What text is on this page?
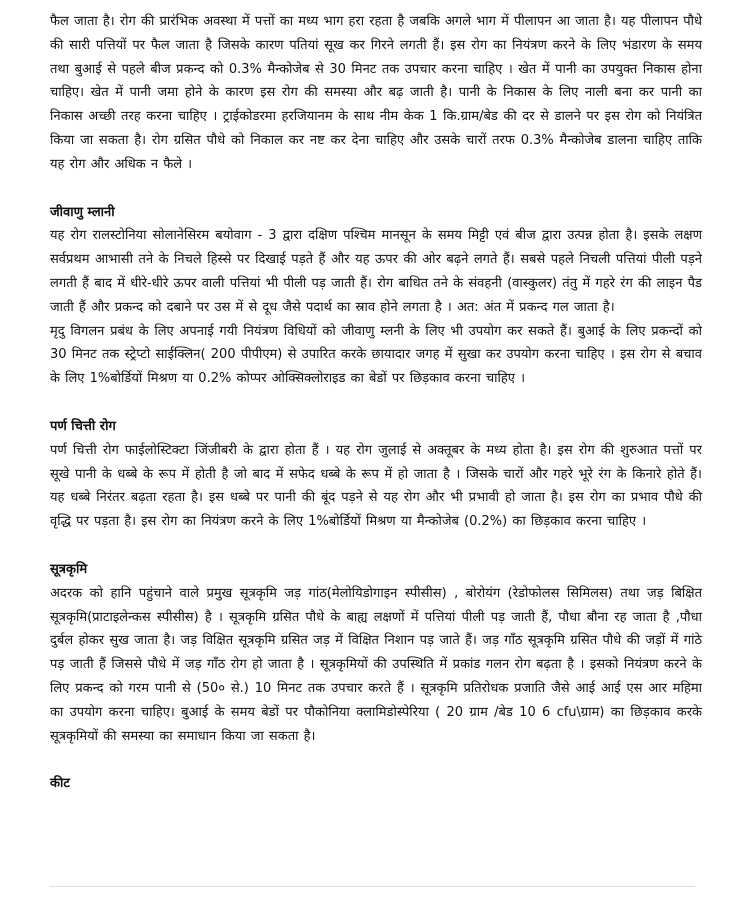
फैल जाता है। रोग की प्रारंभिक अवस्था में पत्तों का मध्य भाग हरा रहता है जबकि अगले भाग में पीलापन आ जाता है। यह पीलापन पौधे की सारी पत्तियों पर फैल जाता है जिसके कारण पतियां सूख कर गिरने लगती हैं। इस रोग का नियंत्रण करने के लिए भंडारण के समय तथा बुआई से पहले बीज प्रकन्द को 0.3% मैन्कोजेब से 30 मिनट तक उपचार करना चाहिए । खेत में पानी का उपयुक्त निकास होना चाहिए। खेत में पानी जमा होने के कारण इस रोग की समस्या और बढ़ जाती है। पानी के निकास के लिए नाली बना कर पानी का निकास अच्छी तरह करना चाहिए । ट्राईकोडरमा हरजियानम के साथ नीम केक 1 कि.ग्राम/बेड की दर से डालने पर इस रोग को नियंत्रित किया जा सकता है। रोग ग्रसित पौधे को निकाल कर नष्ट कर देना चाहिए और उसके चारों तरफ 0.3% मैन्कोजेब डालना चाहिए ताकि यह रोग और अधिक न फैले ।

जीवाणु म्लानी

यह रोग रालस्टोनिया सोलानेसिरम बयोवाग - 3 द्वारा दक्षिण पश्चिम मानसून के समय मिट्टी एवं बीज द्वारा उत्पन्न होता है। इसके लक्षण सर्वप्रथम आभासी तने के निचले हिस्से पर दिखाई पड़ते हैं और यह ऊपर की ओर बढ़ने लगते हैं। सबसे पहले निचली पत्तियां पीली पड़ने लगती हैं बाद में धीरे-धीरे ऊपर वाली पत्तियां भी पीली पड़ जाती हैं। रोग बाधित तने के संवहनी (वास्कुलर) तंतु में गहरे रंग की लाइन पैड जाती हैं और प्रकन्द को दबाने पर उस में से दूध जैसे पदार्थ का स्राव होने लगता है । अत: अंत में प्रकन्द गल जाता है।

मृदु विगलन प्रबंध के लिए अपनाई गयी नियंत्रण विधियों को जीवाणु म्लनी के लिए भी उपयोग कर सकते हैं। बुआई के लिए प्रकन्दों को 30 मिनट तक स्ट्रेप्टो साईक्लिन( 200 पीपीएम) से उपारित करके छायादार जगह में सुखा कर उपयोग करना चाहिए । इस रोग से बचाव के लिए 1%बोर्डियों मिश्रण या 0.2% कोप्पर ओक्सिक्लोराइड का बेडों पर छिड़काव करना चाहिए ।

पर्ण चित्ती रोग

पर्ण चित्ती रोग फाईलोस्टिक्टा जिंजीबरी के द्वारा होता हैं । यह रोग जुलाई से अक्तूबर के मध्य होता है। इस रोग की शुरुआत पत्तों पर सूखे पानी के धब्बे के रूप में होती है जो बाद में सफेद धब्बे के रूप में हो जाता है । जिसके चारों और गहरे भूरे रंग के किनारे होते हैं। यह धब्बे निरंतर बढ़ता रहता है। इस धब्बे पर पानी की बूंद पड़ने से यह रोग और भी प्रभावी हो जाता है। इस रोग का प्रभाव पौधे की वृद्धि पर पड़ता है। इस रोग का नियंत्रण करने के लिए 1%बोर्डियों मिश्रण या मैन्कोजेब (0.2%) का छिड़काव करना चाहिए ।

सूत्रकृमि

अदरक को हानि पहुंचाने वाले प्रमुख सूत्रकृमि जड़ गांठ(मेलोयिडोगाइन स्पीसीस) , बोरोयंग (रेडोफोलस सिमिलस) तथा जड़ बिक्षित सूत्रकृमि(प्राटाइलेन्कस स्पीसीस) है । सूत्रकृमि ग्रसित पौधे के बाह्य लक्षणों में पत्तियां पीली पड़ जाती हैं, पौधा बौना रह जाता है ,पौधा दुर्बल होकर सुख जाता है। जड़ विक्षित सूत्रकृमि ग्रसित जड़ में विक्षित निशान पड़ जाते हैं। जड़ गाँठ सूत्रकृमि ग्रसित पौधे की जड़ों में गांठे पड़ जाती हैं जिससे पौधे में जड़ गाँठ रोग हो जाता है । सूत्रकृमियों की उपस्थिति में प्रकांड गलन रोग बढ़ता है । इसको नियंत्रण करने के लिए प्रकन्द को गरम पानी से (50० से.) 10 मिनट तक उपचार करते हैं । सूत्रकृमि प्रतिरोधक प्रजाति जैसे आई आई एस आर महिमा का उपयोग करना चाहिए। बुआई के समय बेडों पर पौकोनिया क्लामिडोस्पेरिया ( 20 ग्राम /बेड 10 6 cfu\ग्राम) का छिड़काव करके सूत्रकृमियों की समस्या का समाधान किया जा सकता है।

कीट
